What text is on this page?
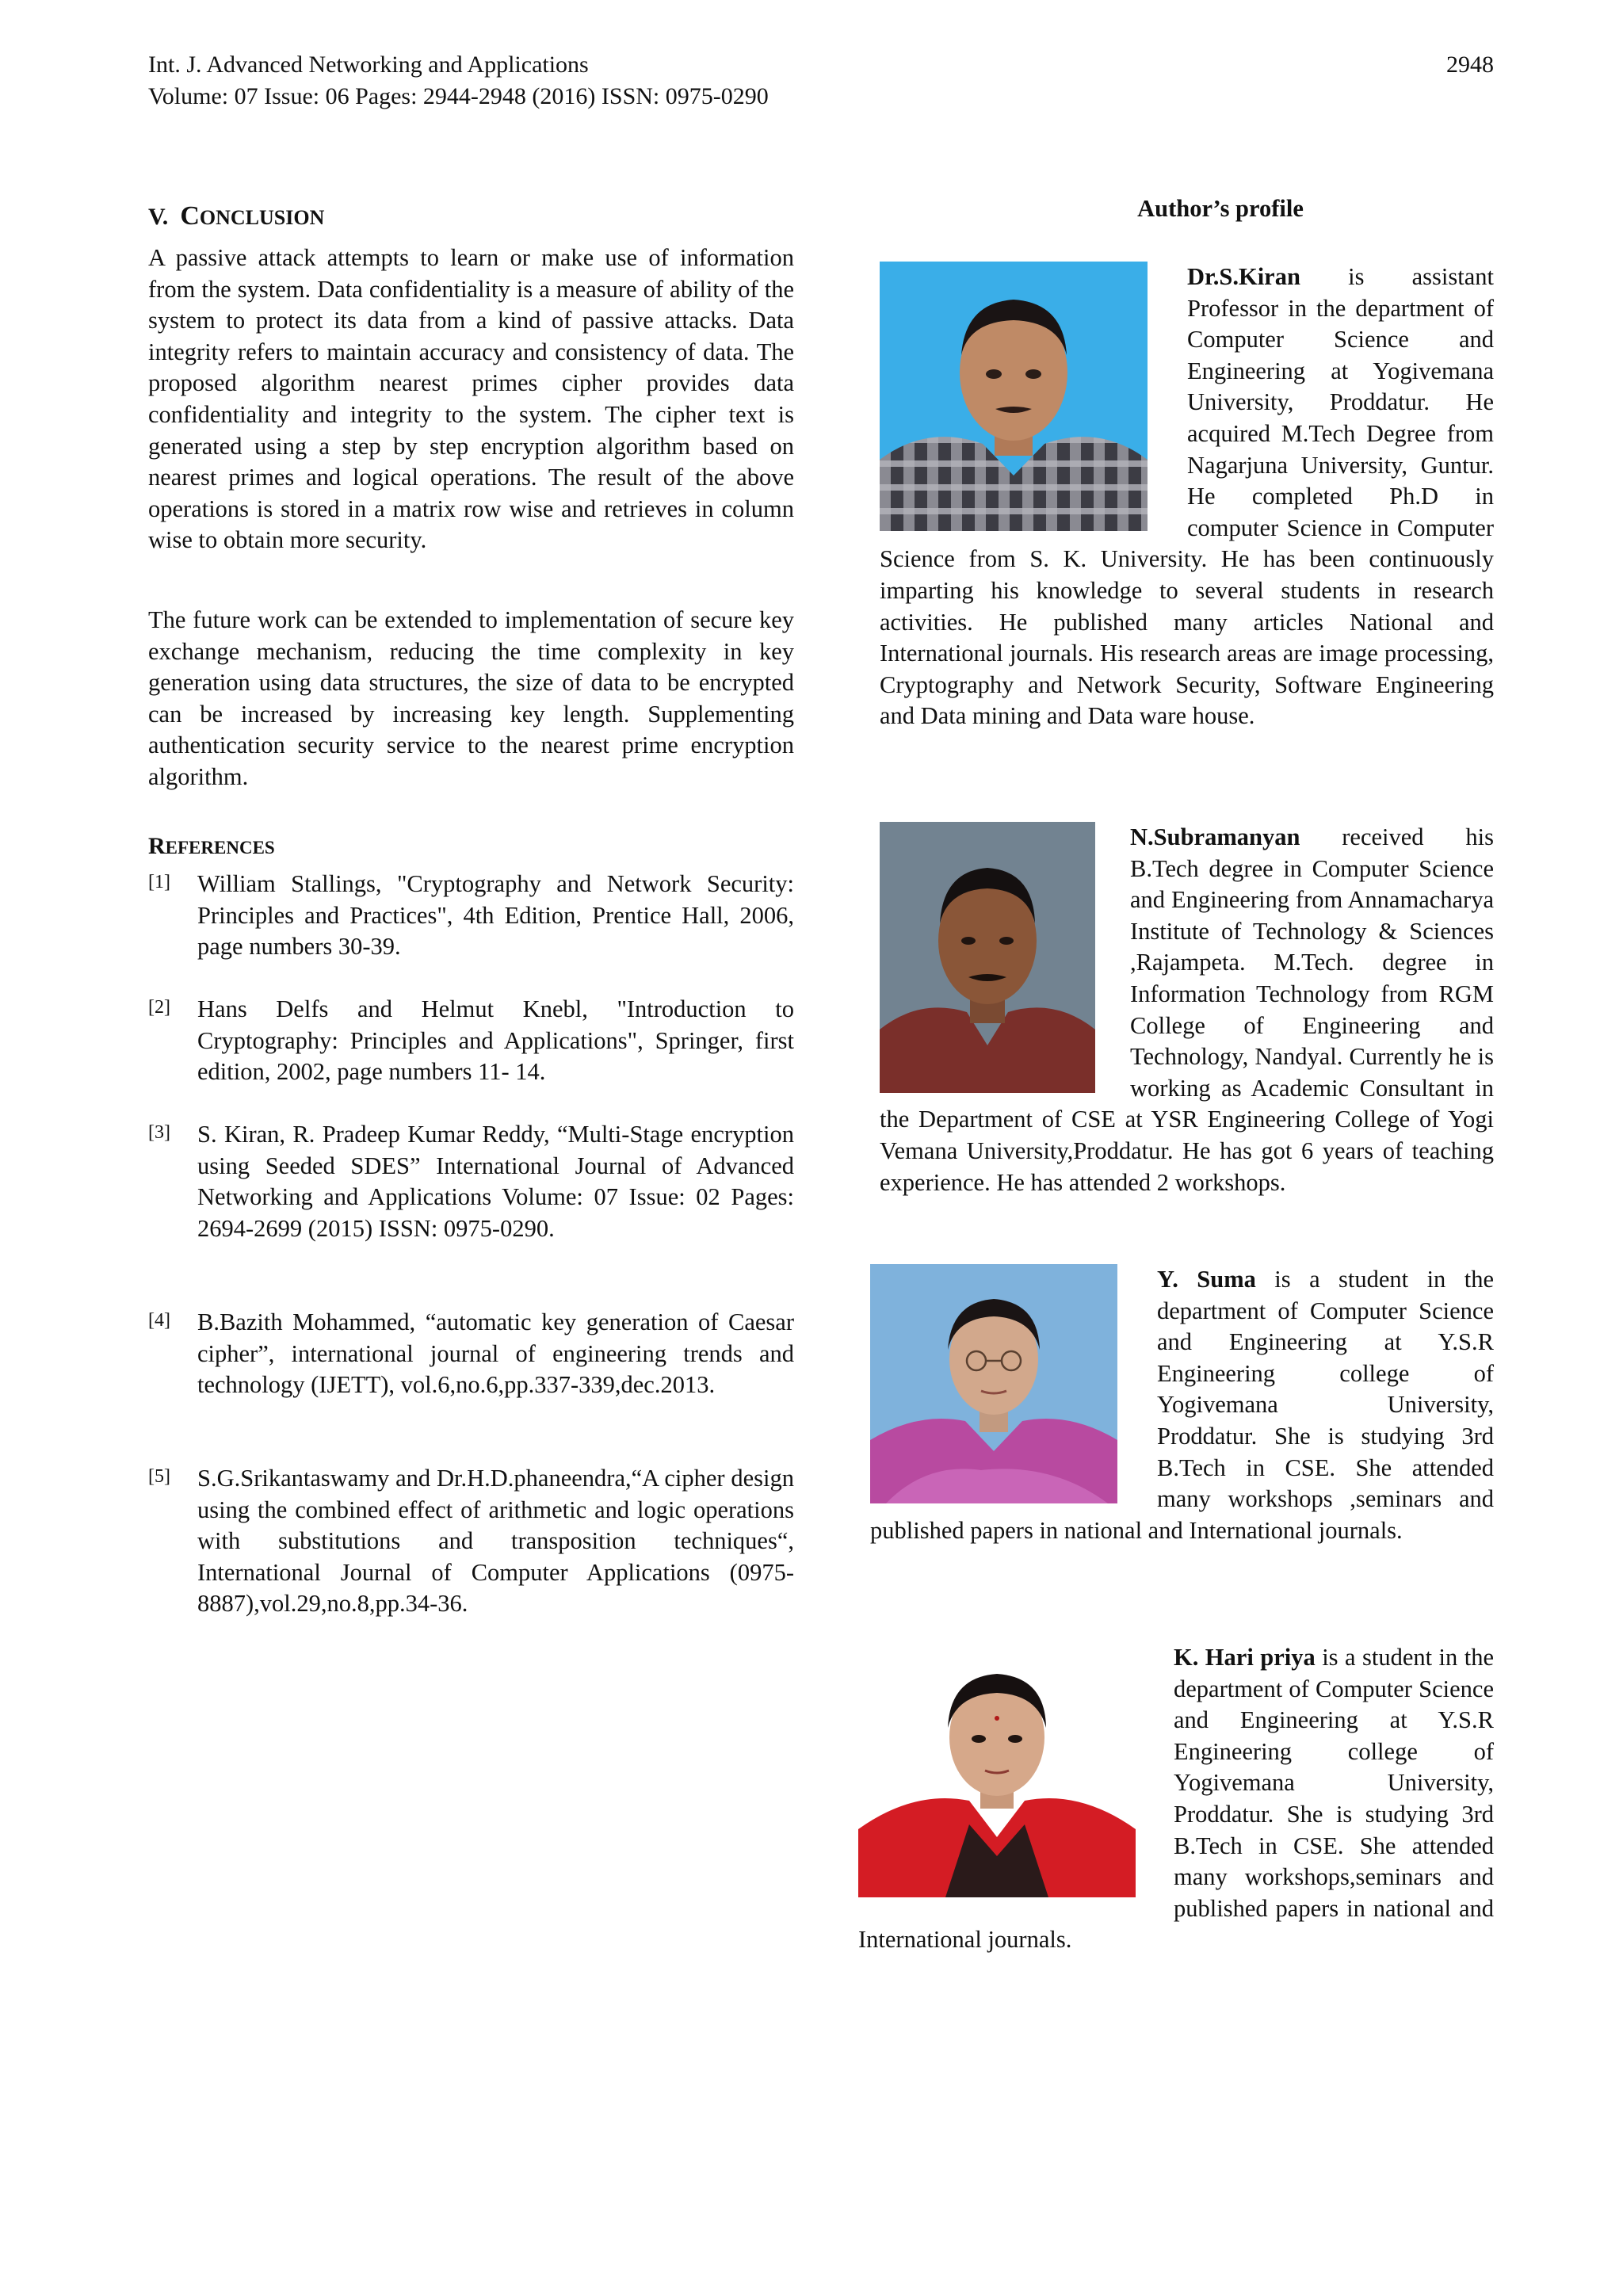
Int. J. Advanced Networking and Applications
Volume: 07 Issue: 06 Pages: 2944-2948 (2016) ISSN: 0975-0290
2948
V. CONCLUSION

A passive attack attempts to learn or make use of information from the system. Data confidentiality is a measure of ability of the system to protect its data from a kind of passive attacks. Data integrity refers to maintain accuracy and consistency of data. The proposed algorithm nearest primes cipher provides data confidentiality and integrity to the system. The cipher text is generated using a step by step encryption algorithm based on nearest primes and logical operations. The result of the above operations is stored in a matrix row wise and retrieves in column wise to obtain more security.

The future work can be extended to implementation of secure key exchange mechanism, reducing the time complexity in key generation using data structures, the size of data to be encrypted can be increased by increasing key length. Supplementing authentication security service to the nearest prime encryption algorithm.

REFERENCES
[1] William Stallings, "Cryptography and Network Security: Principles and Practices", 4th Edition, Prentice Hall, 2006, page numbers 30-39.

[2] Hans Delfs and Helmut Knebl, "Introduction to Cryptography: Principles and Applications", Springer, first edition, 2002, page numbers 11- 14.

[3] S. Kiran, R. Pradeep Kumar Reddy, “Multi-Stage encryption using Seeded SDES” International Journal of Advanced Networking and Applications Volume: 07 Issue: 02 Pages: 2694-2699 (2015) ISSN: 0975-0290.

[4] B.Bazith Mohammed, “automatic key generation of Caesar cipher”, international journal of engineering trends and technology (IJETT), vol.6,no.6,pp.337-339,dec.2013.

[5] S.G.Srikantaswamy and Dr.H.D.phaneendra,“A cipher design using the combined effect of arithmetic and logic operations with substitutions and transposition techniques“, International Journal of Computer Applications (0975-8887),vol.29,no.8,pp.34-36.

Author’s profile

Dr.S.Kiran is assistant Professor in the department of Computer Science and Engineering at Yogivemana University, Proddatur. He acquired M.Tech Degree from Nagarjuna University, Guntur. He completed Ph.D in computer Science in Computer Science from S. K. University. He has been continuously imparting his knowledge to several students in research activities. He published many articles National and International journals. His research areas are image processing, Cryptography and Network Security, Software Engineering and Data mining and Data ware house.

N.Subramanyan received his B.Tech degree in Computer Science and Engineering from Annamacharya Institute of Technology & Sciences ,Rajampeta. M.Tech. degree in Information Technology from RGM College of Engineering and Technology, Nandyal. Currently he is working as Academic Consultant in the Department of CSE at YSR Engineering College of Yogi Vemana University,Proddatur. He has got 6 years of teaching experience. He has attended 2 workshops.

Y. Suma is a student in the department of Computer Science and Engineering at Y.S.R Engineering college of Yogivemana University, Proddatur. She is studying 3rd B.Tech in CSE. She attended many workshops ,seminars and published papers in national and International journals.

K. Hari priya is a student in the department of Computer Science and Engineering at Y.S.R Engineering college of Yogivemana University, Proddatur. She is studying 3rd B.Tech in CSE. She attended many workshops,seminars and published papers in national and International journals.
